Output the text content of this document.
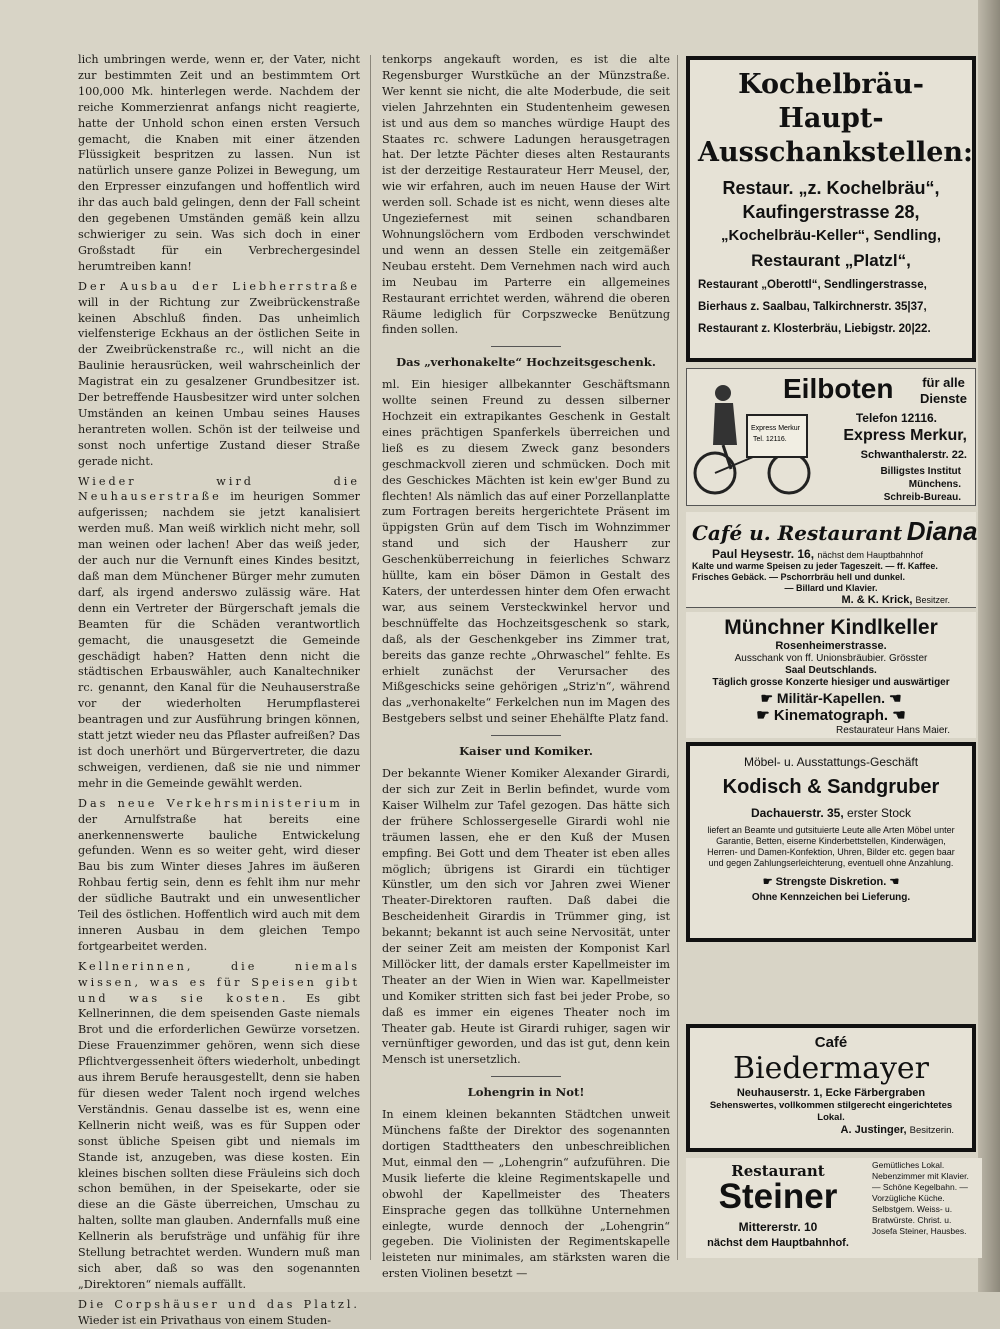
lich umbringen werde, wenn er, der Vater, nicht zur bestimmten Zeit und an bestimmtem Ort 100,000 Mk. hinterlegen werde. Nachdem der reiche Kommerzienrat anfangs nicht reagierte, hatte der Unhold schon einen ersten Versuch gemacht, die Knaben mit einer ätzenden Flüssigkeit bespritzen zu lassen. Nun ist natürlich unsere ganze Polizei in Bewegung, um den Erpresser einzufangen und hoffentlich wird ihr das auch bald gelingen, denn der Fall scheint den gegebenen Umständen gemäß kein allzu schwieriger zu sein. Was sich doch in einer Großstadt für ein Verbrechergesindel herumtreiben kann!

Der Ausbau der Liebherrstraße will in der Richtung zur Zweibrückenstraße keinen Abschluß finden. Das unheimlich vielfensterige Eckhaus an der östlichen Seite in der Zweibrückenstraße rc., will nicht an die Baulinie herausrücken, weil wahrscheinlich der Magistrat ein zu gesalzener Grundbesitzer ist. Der betreffende Hausbesitzer wird unter solchen Umständen an keinen Umbau seines Hauses herantreten wollen. Schön ist der teilweise und sonst noch unfertige Zustand dieser Straße gerade nicht.

Wieder wird die Neuhauserstraße im heurigen Sommer aufgerissen; nachdem sie jetzt kanalisiert werden muß. Man weiß wirklich nicht mehr, soll man weinen oder lachen! Aber das weiß jeder, der auch nur die Vernunft eines Kindes besitzt, daß man dem Münchener Bürger mehr zumuten darf, als irgend anderswo zulässig wäre. Hat denn ein Vertreter der Bürgerschaft jemals die Beamten für die Schäden verantwortlich gemacht, die unausgesetzt die Gemeinde geschädigt haben? Hatten denn nicht die städtischen Erbauswähler, auch Kanaltechniker rc. genannt, den Kanal für die Neuhauserstraße vor der wiederholten Herumpflasterei beantragen und zur Ausführung bringen können, statt jetzt wieder neu das Pflaster aufreißen? Das ist doch unerhört und Bürgervertreter, die dazu schweigen, verdienen, daß sie nie und nimmer mehr in die Gemeinde gewählt werden.

Das neue Verkehrsministerium in der Arnulfstraße hat bereits eine anerkennenswerte bauliche Entwickelung gefunden. Wenn es so weiter geht, wird dieser Bau bis zum Winter dieses Jahres im äußeren Rohbau fertig sein, denn es fehlt ihm nur mehr der südliche Bautrakt und ein unwesentlicher Teil des östlichen. Hoffentlich wird auch mit dem inneren Ausbau in dem gleichen Tempo fortgearbeitet werden.

Kellnerinnen, die niemals wissen, was es für Speisen gibt und was sie kosten. Es gibt Kellnerinnen, die dem speisenden Gaste niemals Brot und die erforderlichen Gewürze vorsetzen. Diese Frauenzimmer gehören, wenn sich diese Pflichtvergessenheit öfters wiederholt, unbedingt aus ihrem Berufe herausgestellt, denn sie haben für diesen weder Talent noch irgend welches Verständnis. Genau dasselbe ist es, wenn eine Kellnerin nicht weiß, was es für Suppen oder sonst übliche Speisen gibt und niemals im Stande ist, anzugeben, was diese kosten. Ein kleines bischen sollten diese Fräuleins sich doch schon bemühen, in der Speisekarte, oder sie diese an die Gäste überreichen, Umschau zu halten, sollte man glauben. Andernfalls muß eine Kellnerin als berufsträge und unfähig für ihre Stellung betrachtet werden. Wundern muß man sich aber, daß so was den sogenannten „Direktoren“ niemals auffällt.

Die Corpshäuser und das Platzl. Wieder ist ein Privathaus von einem Studen-

tenkorps angekauft worden, es ist die alte Regensburger Wurstküche an der Münzstraße. Wer kennt sie nicht, die alte Moderbude, die seit vielen Jahrzehnten ein Studentenheim gewesen ist und aus dem so manches würdige Haupt des Staates rc. schwere Ladungen herausgetragen hat. Der letzte Pächter dieses alten Restaurants ist der derzeitige Restaurateur Herr Meusel, der, wie wir erfahren, auch im neuen Hause der Wirt werden soll. Schade ist es nicht, wenn dieses alte Ungeziefernest mit seinen schandbaren Wohnungslöchern vom Erdboden verschwindet und wenn an dessen Stelle ein zeitgemäßer Neubau ersteht. Dem Vernehmen nach wird auch im Neubau im Parterre ein allgemeines Restaurant errichtet werden, während die oberen Räume lediglich für Corpszwecke Benützung finden sollen.

Das „verhonakelte“ Hochzeitsgeschenk.

ml. Ein hiesiger allbekannter Geschäftsmann wollte seinen Freund zu dessen silberner Hochzeit ein extrapikantes Geschenk in Gestalt eines prächtigen Spanferkels überreichen und ließ es zu diesem Zweck ganz besonders geschmackvoll zieren und schmücken. Doch mit des Geschickes Mächten ist kein ew'ger Bund zu flechten! Als nämlich das auf einer Porzellanplatte zum Fortragen bereits hergerichtete Präsent im üppigsten Grün auf dem Tisch im Wohnzimmer stand und sich der Hausherr zur Geschenküberreichung in feierliches Schwarz hüllte, kam ein böser Dämon in Gestalt des Katers, der unterdessen hinter dem Ofen erwacht war, aus seinem Versteckwinkel hervor und beschnüffelte das Hochzeitsgeschenk so stark, daß, als der Geschenkgeber ins Zimmer trat, bereits das ganze rechte „Ohrwaschel“ fehlte. Es erhielt zunächst der Verursacher des Mißgeschicks seine gehörigen „Striz'n“, während das „verhonakelte“ Ferkelchen nun im Magen des Bestgebers selbst und seiner Ehehälfte Platz fand.

Kaiser und Komiker.

Der bekannte Wiener Komiker Alexander Girardi, der sich zur Zeit in Berlin befindet, wurde vom Kaiser Wilhelm zur Tafel gezogen. Das hätte sich der frühere Schlossergeselle Girardi wohl nie träumen lassen, ehe er den Kuß der Musen empfing. Bei Gott und dem Theater ist eben alles möglich; übrigens ist Girardi ein tüchtiger Künstler, um den sich vor Jahren zwei Wiener Theater-Direktoren rauften. Daß dabei die Bescheidenheit Girardis in Trümmer ging, ist bekannt; bekannt ist auch seine Nervosität, unter der seiner Zeit am meisten der Komponist Karl Millöcker litt, der damals erster Kapellmeister im Theater an der Wien in Wien war. Kapellmeister und Komiker stritten sich fast bei jeder Probe, so daß es immer ein eigenes Theater noch im Theater gab. Heute ist Girardi ruhiger, sagen wir vernünftiger geworden, und das ist gut, denn kein Mensch ist unersetzlich.

Lohengrin in Not!

In einem kleinen bekannten Städtchen unweit Münchens faßte der Direktor des sogenannten dortigen Stadttheaters den unbeschreiblichen Mut, einmal den — „Lohengrin“ aufzuführen. Die Musik lieferte die kleine Regimentskapelle und obwohl der Kapellmeister des Theaters Einsprache gegen das tollkühne Unternehmen einlegte, wurde dennoch der „Lohengrin“ gegeben. Die Violinisten der Regimentskapelle leisteten nur minimales, am stärksten waren die ersten Violinen besetzt —

Kochelbräu-Haupt-
Ausschankstellen:
Restaur. „z. Kochelbräu“,
Kaufingerstrasse 28,
„Kochelbräu-Keller“, Sendling,
Restaurant „Platzl“,
Restaurant „Oberottl“, Sendlingerstrasse,
Bierhaus z. Saalbau, Talkirchnerstr. 35|37,
Restaurant z. Klosterbräu, Liebigstr. 20|22.
Express Merkur
Tel. 12116.
Eilboten für alle
Dienste
Telefon 12116.
Express Merkur,
Schwanthalerstr. 22.
Billigstes Institut
Münchens.
Schreib-Bureau.
Café u. Restaurant Diana
Paul Heysestr. 16, nächst dem Hauptbahnhof
Kalte und warme Speisen zu jeder Tageszeit. — ff. Kaffee.
Frisches Gebäck. — Pschorrbräu hell und dunkel.
— Billard und Klavier.
M. & K. Krick, Besitzer.
Münchner Kindlkeller
Rosenheimerstrasse.
Ausschank von ff. Unionsbräubier. Grösster
Saal Deutschlands.
Täglich grosse Konzerte hiesiger und auswärtiger
☛ Militär-Kapellen. ☚
☛ Kinematograph. ☚
Restaurateur Hans Maier.
Möbel- u. Ausstattungs-Geschäft
Kodisch & Sandgruber
Dachauerstr. 35, erster Stock
liefert an Beamte und gutsituierte Leute alle Arten Möbel unter Garantie, Betten, eiserne Kinderbettstellen, Kinderwägen, Herren- und Damen-Konfektion, Uhren, Bilder etc. gegen baar und gegen Zahlungserleichterung, eventuell ohne Anzahlung.
☛ Strengste Diskretion. ☚
Ohne Kennzeichen bei Lieferung.
Café
Biedermayer
Neuhauserstr. 1, Ecke Färbergraben
Sehenswertes, vollkommen stilgerecht eingerichtetes Lokal.
A. Justinger, Besitzerin.
Restaurant
Steiner
Mittererstr. 10
nächst dem Hauptbahnhof.
Gemütliches Lokal. Nebenzimmer mit Klavier. — Schöne Kegelbahn. — Vorzügliche Küche. Selbstgem. Weiss- u. Bratwürste. Christ. u. Josefa Steiner, Hausbes.
